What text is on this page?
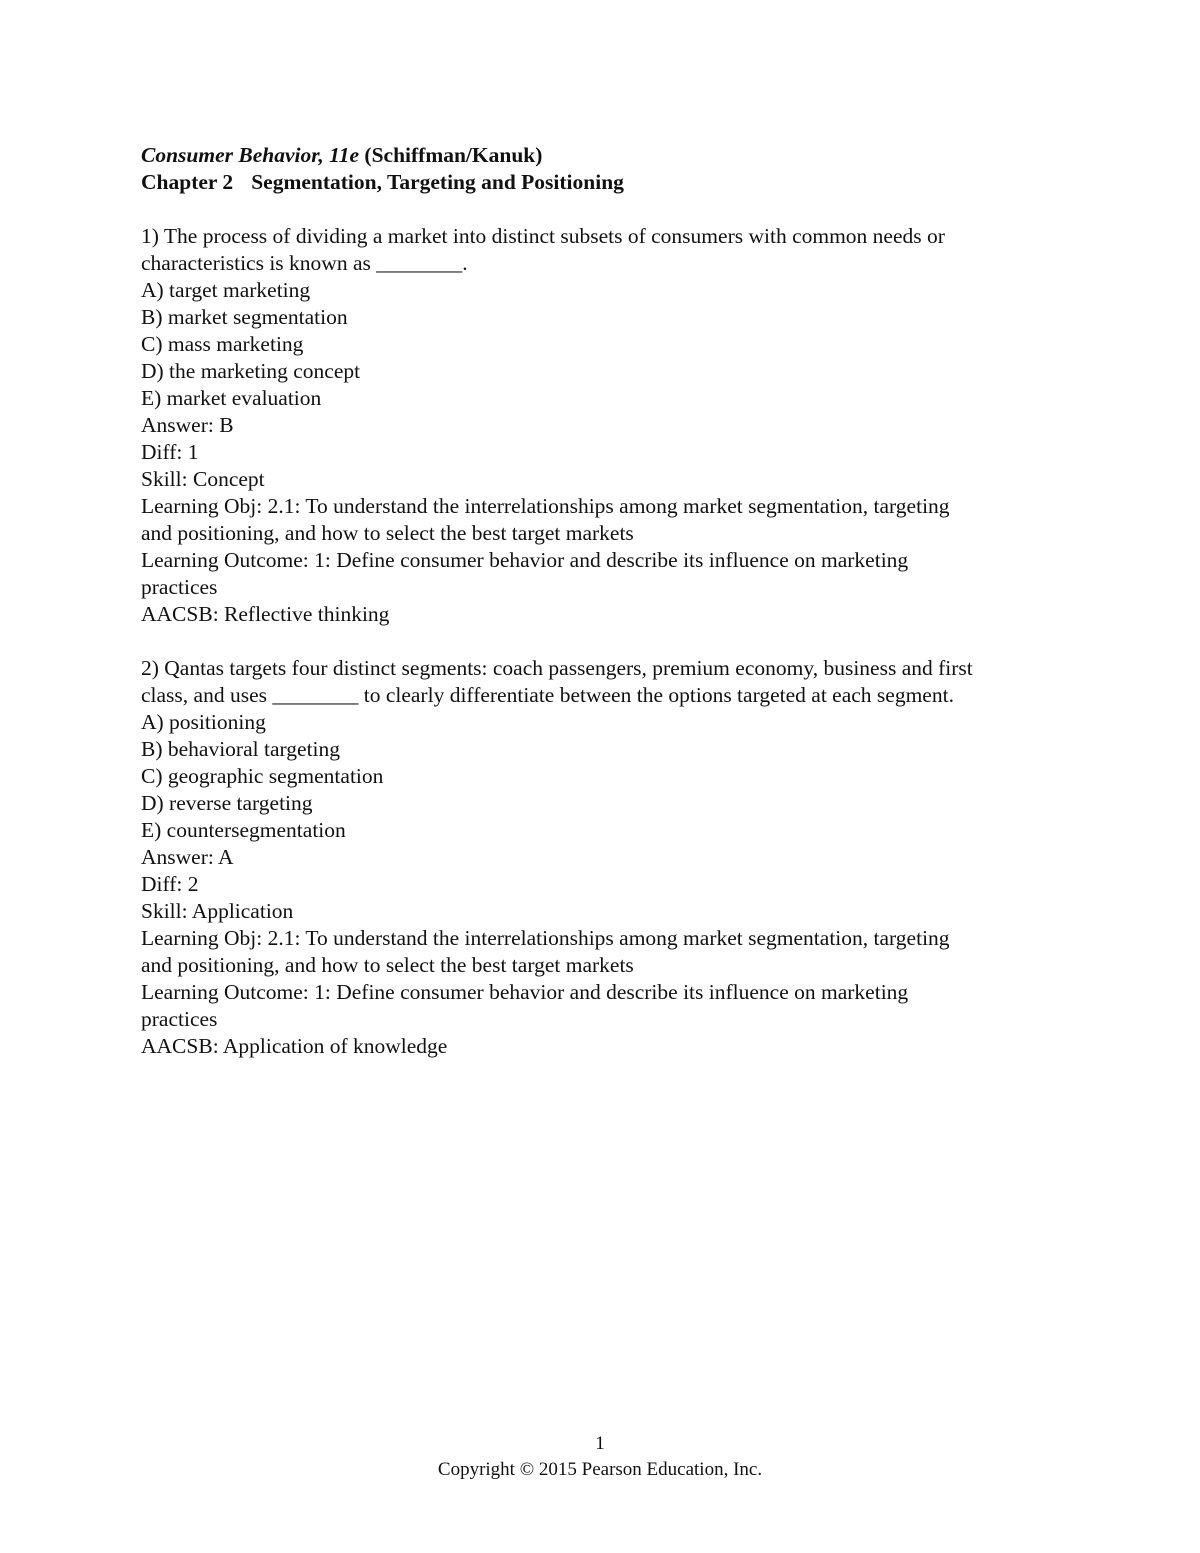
Consumer Behavior, 11e (Schiffman/Kanuk)
Chapter 2 Segmentation, Targeting and Positioning
1) The process of dividing a market into distinct subsets of consumers with common needs or
characteristics is known as ________.
A) target marketing
B) market segmentation
C) mass marketing
D) the marketing concept
E) market evaluation
Answer: B
Diff: 1
Skill: Concept
Learning Obj: 2.1: To understand the interrelationships among market segmentation, targeting
and positioning, and how to select the best target markets
Learning Outcome: 1: Define consumer behavior and describe its influence on marketing
practices
AACSB: Reflective thinking
2) Qantas targets four distinct segments: coach passengers, premium economy, business and first
class, and uses ________ to clearly differentiate between the options targeted at each segment.
A) positioning
B) behavioral targeting
C) geographic segmentation
D) reverse targeting
E) countersegmentation
Answer: A
Diff: 2
Skill: Application
Learning Obj: 2.1: To understand the interrelationships among market segmentation, targeting
and positioning, and how to select the best target markets
Learning Outcome: 1: Define consumer behavior and describe its influence on marketing
practices
AACSB: Application of knowledge
1
Copyright © 2015 Pearson Education, Inc.
